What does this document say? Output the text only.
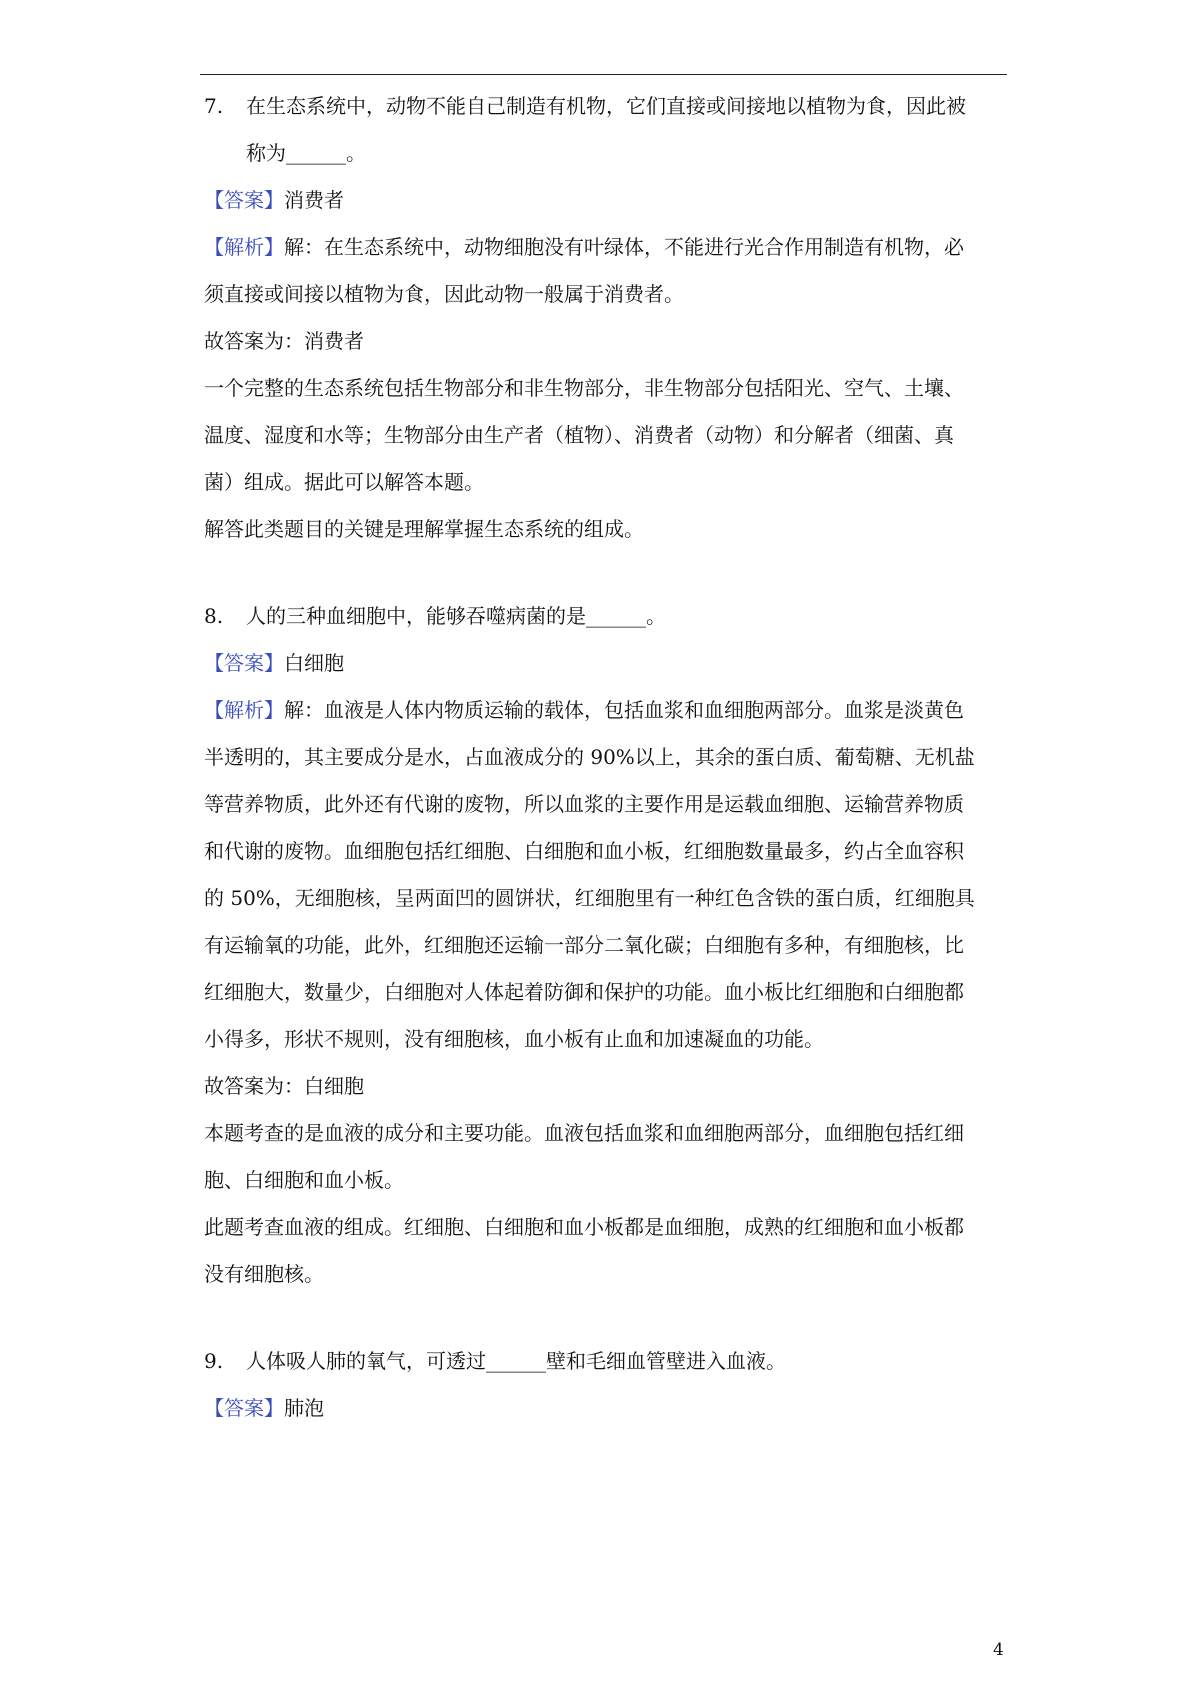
7. 在生态系统中，动物不能自己制造有机物，它们直接或间接地以植物为食，因此被
称为______。
【答案】消费者
【解析】解：在生态系统中，动物细胞没有叶绿体，不能进行光合作用制造有机物，必
须直接或间接以植物为食，因此动物一般属于消费者。
故答案为：消费者
一个完整的生态系统包括生物部分和非生物部分，非生物部分包括阳光、空气、土壤、
温度、湿度和水等；生物部分由生产者（植物）、消费者（动物）和分解者（细菌、真
菌）组成。据此可以解答本题。
解答此类题目的关键是理解掌握生态系统的组成。
8. 人的三种血细胞中，能够吞噬病菌的是______。
【答案】白细胞
【解析】解：血液是人体内物质运输的载体，包括血浆和血细胞两部分。血浆是淡黄色
半透明的，其主要成分是水，占血液成分的 90%以上，其余的蛋白质、葡萄糖、无机盐
等营养物质，此外还有代谢的废物，所以血浆的主要作用是运载血细胞、运输营养物质
和代谢的废物。血细胞包括红细胞、白细胞和血小板，红细胞数量最多，约占全血容积
的 50%，无细胞核，呈两面凹的圆饼状，红细胞里有一种红色含铁的蛋白质，红细胞具
有运输氧的功能，此外，红细胞还运输一部分二氧化碳；白细胞有多种，有细胞核，比
红细胞大，数量少，白细胞对人体起着防御和保护的功能。血小板比红细胞和白细胞都
小得多，形状不规则，没有细胞核，血小板有止血和加速凝血的功能。
故答案为：白细胞
本题考查的是血液的成分和主要功能。血液包括血浆和血细胞两部分，血细胞包括红细
胞、白细胞和血小板。
此题考查血液的组成。红细胞、白细胞和血小板都是血细胞，成熟的红细胞和血小板都
没有细胞核。
9. 人体吸人肺的氧气，可透过______壁和毛细血管壁进入血液。
【答案】肺泡
4
